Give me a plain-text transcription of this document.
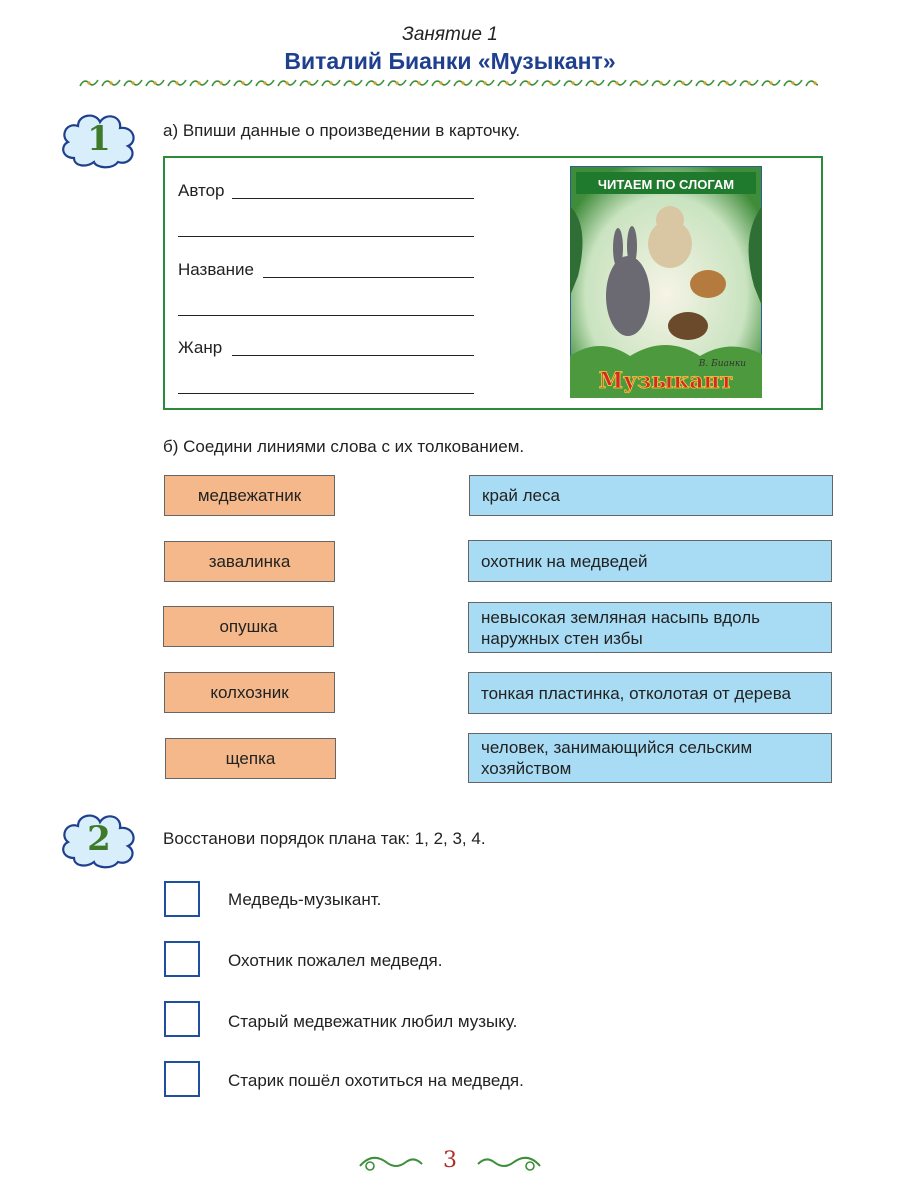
Занятие 1
Виталий Бианки «Музыкант»
1	а) Впиши данные о произведении в карточку.
Автор
Название
Жанр
ЧИТАЕМ ПО СЛОГАМ
В. Бианки
Музыкант
б) Соедини линиями слова с их толкованием.
медвежатник
завалинка
опушка
колхозник
щепка
край леса
охотник на медведей
невысокая земляная насыпь вдоль наружных стен избы
тонкая пластинка, отколотая от дерева
человек, занимающийся сельским хозяйством
2	Восстанови порядок плана так: 1, 2, 3, 4.
Медведь-музыкант.
Охотник пожалел медведя.
Старый медвежатник любил музыку.
Старик пошёл охотиться на медведя.
3
